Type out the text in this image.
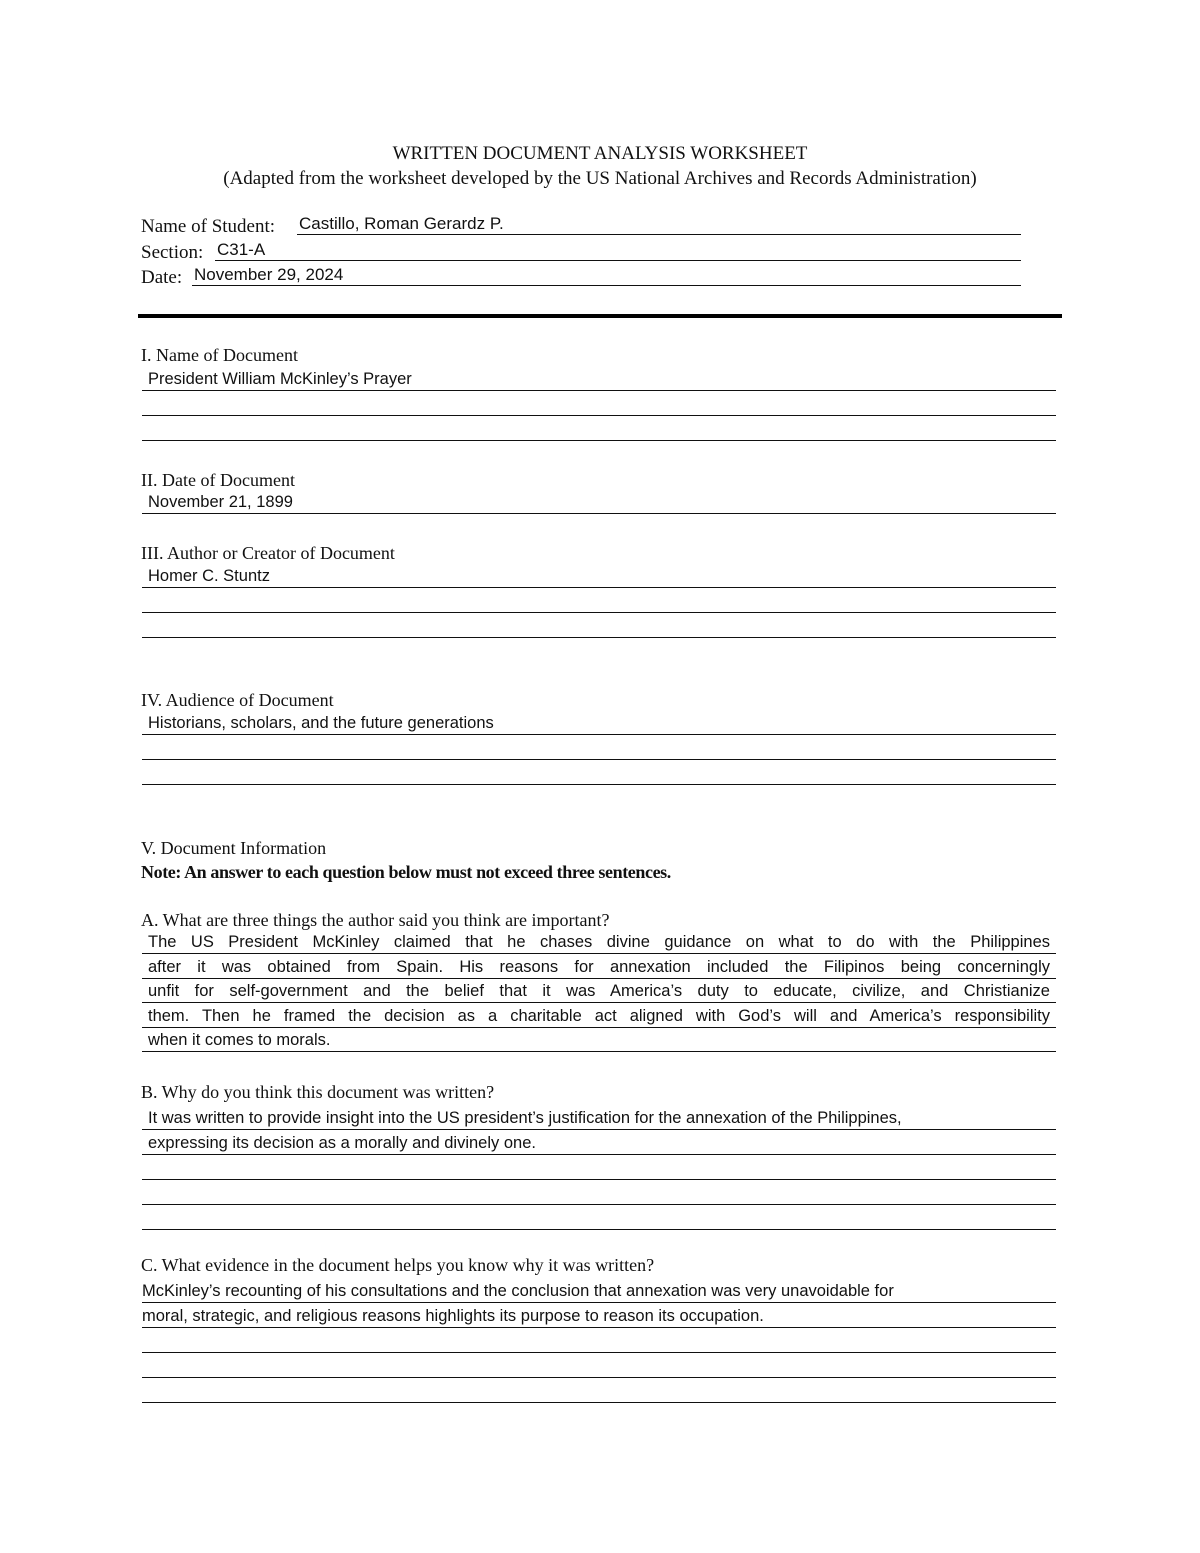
WRITTEN DOCUMENT ANALYSIS WORKSHEET
(Adapted from the worksheet developed by the US National Archives and Records Administration)
Name of Student: Castillo, Roman Gerardz P.
Section: C31-A
Date: November 29, 2024
I. Name of Document
President William McKinley’s Prayer
II. Date of Document
November 21, 1899
III. Author or Creator of Document
Homer C. Stuntz
IV. Audience of Document
Historians, scholars, and the future generations
V. Document Information
Note: An answer to each question below must not exceed three sentences.
A. What are three things the author said you think are important?
The US President McKinley claimed that he chases divine guidance on what to do with the Philippines
after it was obtained from Spain. His reasons for annexation included the Filipinos being concerningly
unfit for self-government and the belief that it was America’s duty to educate, civilize, and Christianize
them. Then he framed the decision as a charitable act aligned with God’s will and America’s responsibility
when it comes to morals.
B. Why do you think this document was written?
It was written to provide insight into the US president’s justification for the annexation of the Philippines,
expressing its decision as a morally and divinely one.
C. What evidence in the document helps you know why it was written?
McKinley’s recounting of his consultations and the conclusion that annexation was very unavoidable for
moral, strategic, and religious reasons highlights its purpose to reason its occupation.
